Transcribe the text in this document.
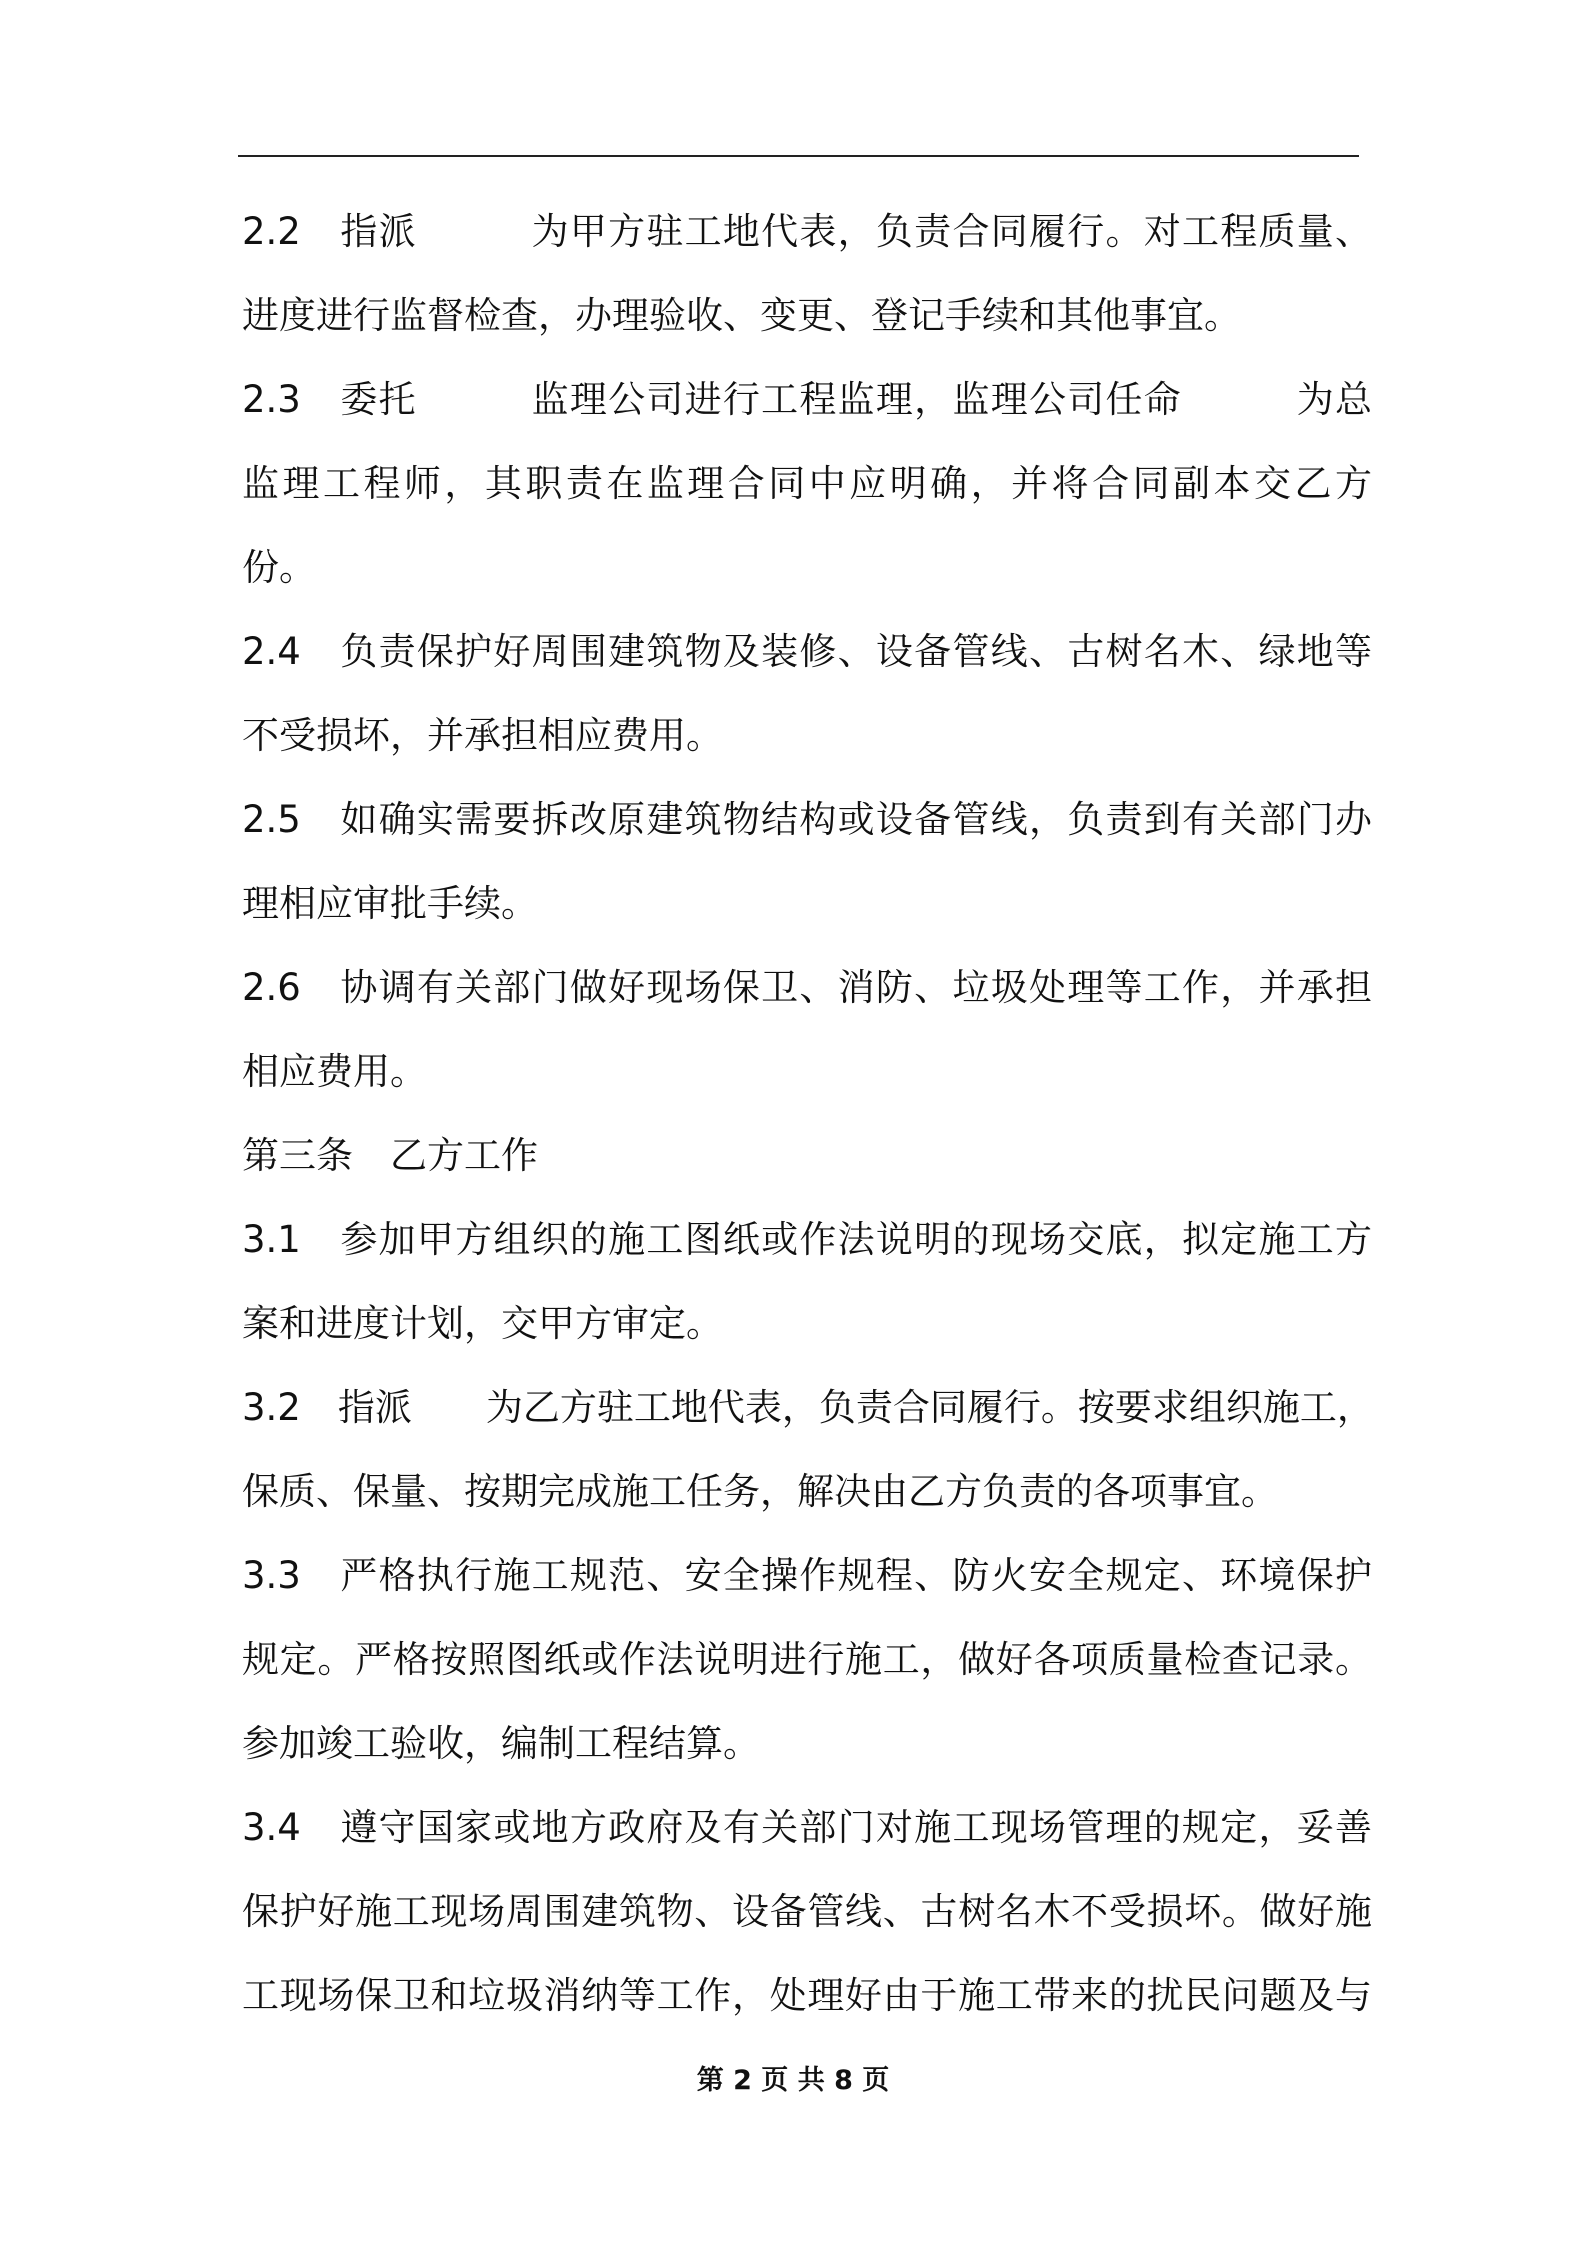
2.2　指派　　　为甲方驻工地代表，负责合同履行。对工程质量、
进度进行监督检查，办理验收、变更、登记手续和其他事宜。
2.3　委托　　　监理公司进行工程监理，监理公司任命　　　为总
监理工程师，其职责在监理合同中应明确，并将合同副本交乙方
份。
2.4　负责保护好周围建筑物及装修、设备管线、古树名木、绿地等
不受损坏，并承担相应费用。
2.5　如确实需要拆改原建筑物结构或设备管线，负责到有关部门办
理相应审批手续。
2.6　协调有关部门做好现场保卫、消防、垃圾处理等工作，并承担
相应费用。
第三条　乙方工作
3.1　参加甲方组织的施工图纸或作法说明的现场交底，拟定施工方
案和进度计划，交甲方审定。
3.2　指派　　为乙方驻工地代表，负责合同履行。按要求组织施工，
保质、保量、按期完成施工任务，解决由乙方负责的各项事宜。
3.3　严格执行施工规范、安全操作规程、防火安全规定、环境保护
规定。严格按照图纸或作法说明进行施工，做好各项质量检查记录。
参加竣工验收，编制工程结算。
3.4　遵守国家或地方政府及有关部门对施工现场管理的规定，妥善
保护好施工现场周围建筑物、设备管线、古树名木不受损坏。做好施
工现场保卫和垃圾消纳等工作，处理好由于施工带来的扰民问题及与
第 2 页 共 8 页
